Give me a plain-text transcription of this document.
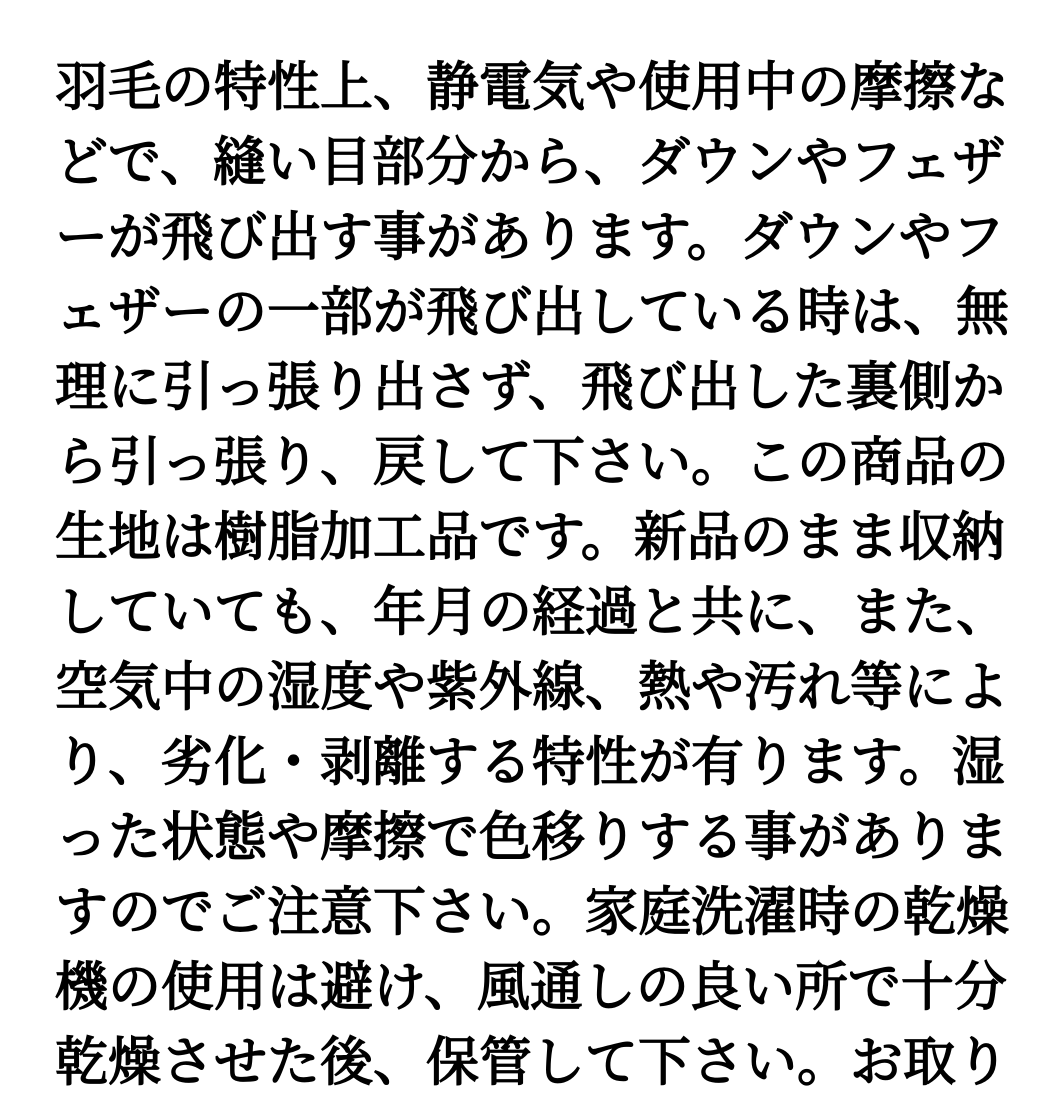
羽毛の特性上、静電気や使用中の摩擦な
どで、縫い目部分から、ダウンやフェザ
ーが飛び出す事があります。ダウンやフ
ェザーの一部が飛び出している時は、無
理に引っ張り出さず、飛び出した裏側か
ら引っ張り、戻して下さい。この商品の
生地は樹脂加工品です。新品のまま収納
していても、年月の経過と共に、また、
空気中の湿度や紫外線、熱や汚れ等によ
り、劣化・剥離する特性が有ります。湿
った状態や摩擦で色移りする事がありま
すのでご注意下さい。家庭洗濯時の乾燥
機の使用は避け、風通しの良い所で十分
乾燥させた後、保管して下さい。お取り
